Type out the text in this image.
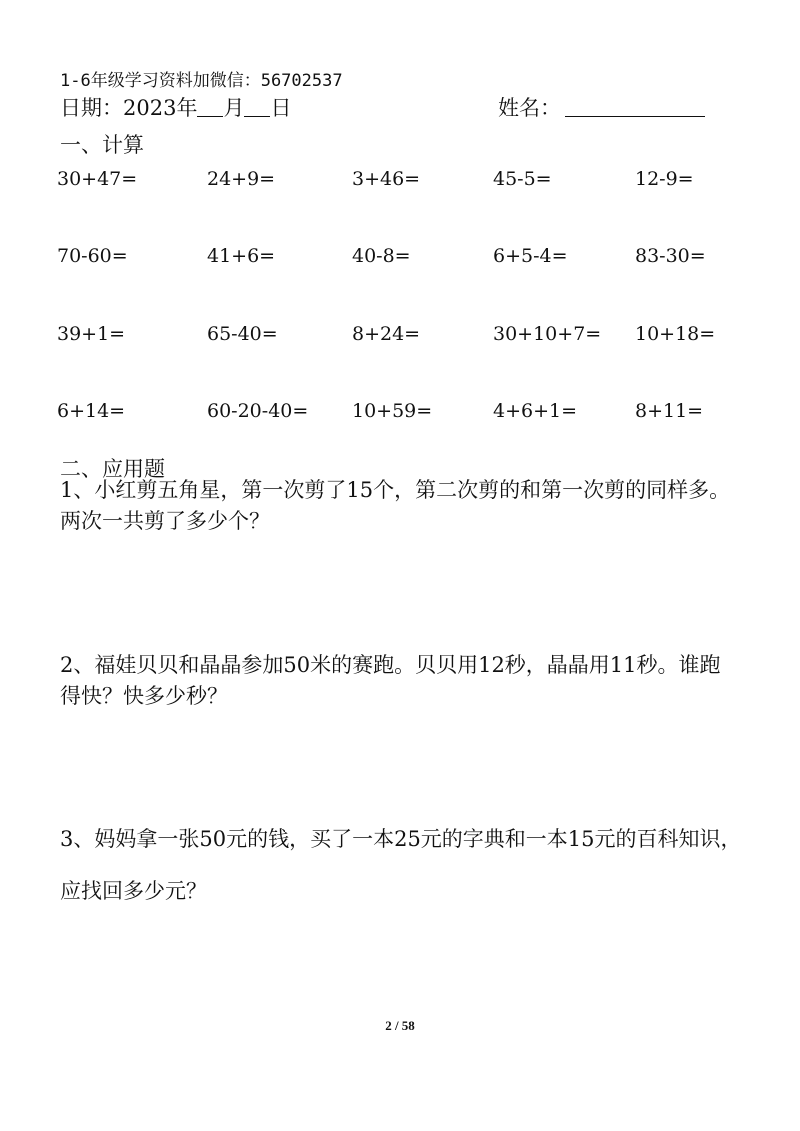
1-6年级学习资料加微信：56702537
日期：2023年 月 日	姓名：
一、计算
30+47=	24+9=	3+46=	45-5=	12-9=
70-60=	41+6=	40-8=	6+5-4=	83-30=
39+1=	65-40=	8+24=	30+10+7= 10+18=
6+14=	60-20-40= 10+59=	4+6+1=	8+11=
二、应用题
1、小红剪五角星，第一次剪了15个，第二次剪的和第一次剪的同样多。
两次一共剪了多少个？
2、福娃贝贝和晶晶参加50米的赛跑。贝贝用12秒，晶晶用11秒。谁跑
得快？快多少秒？
3、妈妈拿一张50元的钱，买了一本25元的字典和一本15元的百科知识，
应找回多少元？
2 / 58
